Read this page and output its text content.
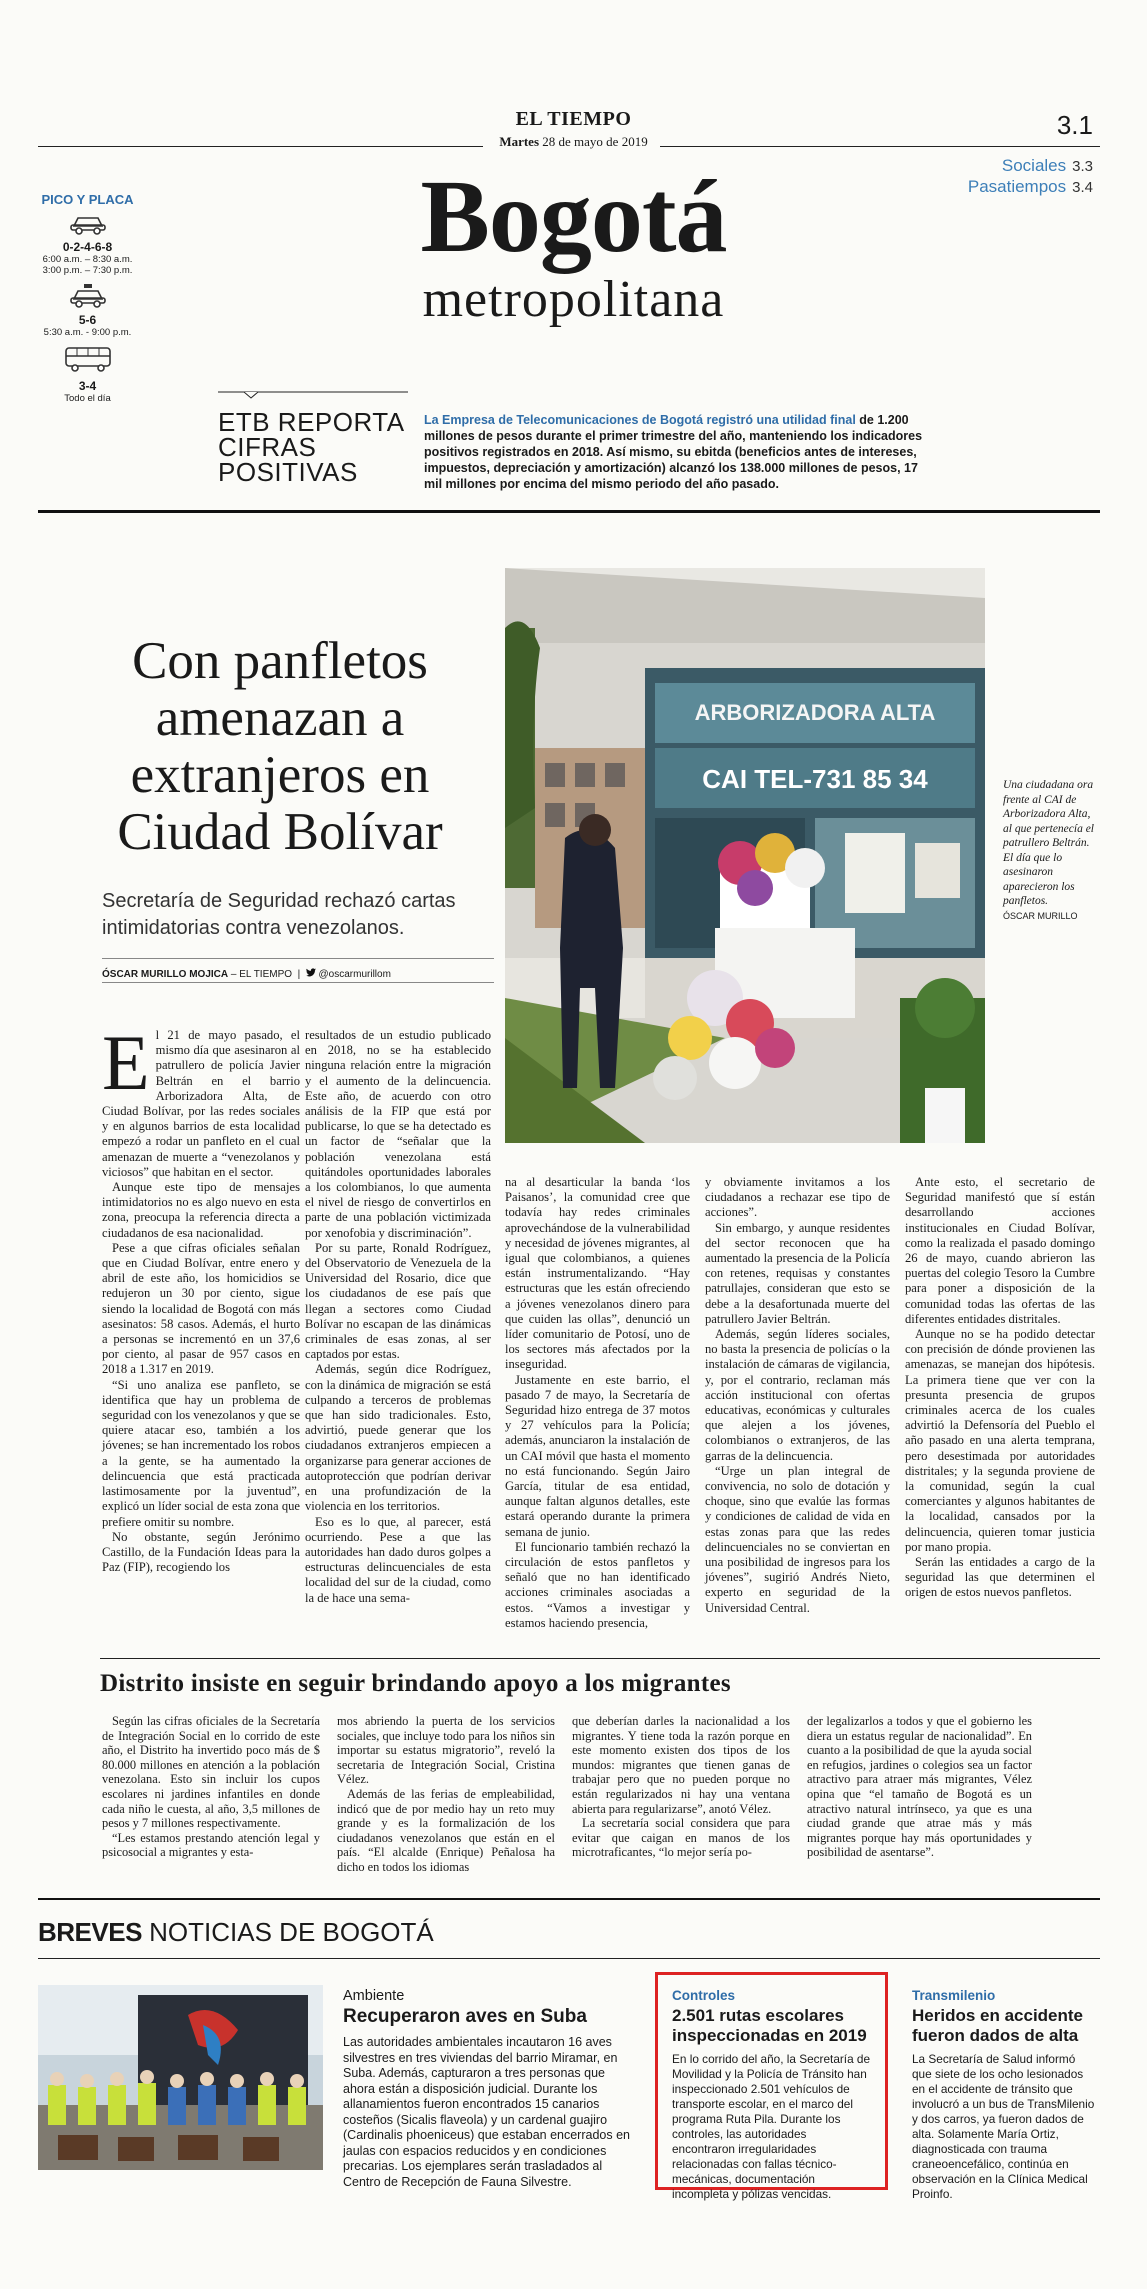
EL TIEMPO
Martes 28 de mayo de 2019
3.1
Sociales 3.3
Pasatiempos 3.4
Bogotá
metropolitana
PICO Y PLACA
0-2-4-6-8
6:00 a.m. – 8:30 a.m.
3:00 p.m. – 7:30 p.m.
5-6
5:30 a.m. - 9:00 p.m.
3-4
Todo el día
ETB REPORTA
CIFRAS
POSITIVAS
La Empresa de Telecomunicaciones de Bogotá registró una utilidad final de 1.200 millones de pesos durante el primer trimestre del año, manteniendo los indicadores positivos registrados en 2018. Así mismo, su ebitda (beneficios antes de intereses, impuestos, depreciación y amortización) alcanzó los 138.000 millones de pesos, 17 mil millones por encima del mismo periodo del año pasado.
Con panfletos amenazan a extranjeros en Ciudad Bolívar
Secretaría de Seguridad rechazó cartas intimidatorias contra venezolanos.
ÓSCAR MURILLO MOJICA – EL TIEMPO  |   @oscarmurillom
ARBORIZADORA ALTA
CAI TEL-731 85 34	Una ciudadana ora frente al CAI de Arborizadora Alta, al que pertenecía el patrullero Beltrán. El día que lo asesinaron aparecieron los panfletos.
ÓSCAR MURILLO

El 21 de mayo pasado, el mismo día que asesinaron al patrullero de policía Javier Beltrán en el barrio Arborizadora Alta, de Ciudad Bolívar, por las redes sociales y en algunos barrios de esta localidad empezó a rodar un panfleto en el cual amenazan de muerte a “venezolanos y viciosos” que habitan en el sector.

Aunque este tipo de mensajes intimidatorios no es algo nuevo en esta zona, preocupa la referencia directa a ciudadanos de esa nacionalidad.

Pese a que cifras oficiales señalan que en Ciudad Bolívar, entre enero y abril de este año, los homicidios se redujeron un 30 por ciento, sigue siendo la localidad de Bogotá con más asesinatos: 58 casos. Además, el hurto a personas se incrementó en un 37,6 por ciento, al pasar de 957 casos en 2018 a 1.317 en 2019.

“Si uno analiza ese panfleto, se identifica que hay un problema de seguridad con los venezolanos y que se quiere atacar eso, también a los jóvenes; se han incrementado los robos a la gente, se ha aumentado la delincuencia que está practicada lastimosamente por la juventud”, explicó un líder social de esta zona que prefiere omitir su nombre.

No obstante, según Jerónimo Castillo, de la Fundación Ideas para la Paz (FIP), recogiendo los

resultados de un estudio publicado en 2018, no se ha establecido ninguna relación entre la migración y el aumento de la delincuencia. Este año, de acuerdo con otro análisis de la FIP que está por publicarse, lo que se ha detectado es un factor de “señalar que la población venezolana está quitándoles oportunidades laborales a los colombianos, lo que aumenta el nivel de riesgo de convertirlos en parte de una población victimizada por xenofobia y discriminación”.

Por su parte, Ronald Rodríguez, del Observatorio de Venezuela de la Universidad del Rosario, dice que los ciudadanos de ese país que llegan a sectores como Ciudad Bolívar no escapan de las dinámicas criminales de esas zonas, al ser captados por estas.

Además, según dice Rodríguez, con la dinámica de migración se está culpando a terceros de problemas que han sido tradicionales. Esto, advirtió, puede generar que los ciudadanos extranjeros empiecen a organizarse para generar acciones de autoprotección que podrían derivar en una profundización de la violencia en los territorios.

Eso es lo que, al parecer, está ocurriendo. Pese a que las autoridades han dado duros golpes a estructuras delincuenciales de esta localidad del sur de la ciudad, como la de hace una sema-

na al desarticular la banda ‘los Paisanos’, la comunidad cree que todavía hay redes criminales aprovechándose de la vulnerabilidad y necesidad de jóvenes migrantes, al igual que colombianos, a quienes están instrumentalizando. “Hay estructuras que les están ofreciendo a jóvenes venezolanos dinero para que cuiden las ollas”, denunció un líder comunitario de Potosí, uno de los sectores más afectados por la inseguridad.

Justamente en este barrio, el pasado 7 de mayo, la Secretaría de Seguridad hizo entrega de 37 motos y 27 vehículos para la Policía; además, anunciaron la instalación de un CAI móvil que hasta el momento no está funcionando. Según Jairo García, titular de esa entidad, aunque faltan algunos detalles, este estará operando durante la primera semana de junio.

El funcionario también rechazó la circulación de estos panfletos y señaló que no han identificado acciones criminales asociadas a estos. “Vamos a investigar y estamos haciendo presencia,

y obviamente invitamos a los ciudadanos a rechazar ese tipo de acciones”.

Sin embargo, y aunque residentes del sector reconocen que ha aumentado la presencia de la Policía con retenes, requisas y constantes patrullajes, consideran que esto se debe a la desafortunada muerte del patrullero Javier Beltrán.

Además, según líderes sociales, no basta la presencia de policías o la instalación de cámaras de vigilancia, y, por el contrario, reclaman más acción institucional con ofertas educativas, económicas y culturales que alejen a los jóvenes, colombianos o extranjeros, de las garras de la delincuencia.

“Urge un plan integral de convivencia, no solo de dotación y choque, sino que evalúe las formas y condiciones de calidad de vida en estas zonas para que las redes delincuenciales no se conviertan en una posibilidad de ingresos para los jóvenes”, sugirió Andrés Nieto, experto en seguridad de la Universidad Central.

Ante esto, el secretario de Seguridad manifestó que sí están desarrollando acciones institucionales en Ciudad Bolívar, como la realizada el pasado domingo 26 de mayo, cuando abrieron las puertas del colegio Tesoro la Cumbre para poner a disposición de la comunidad todas las ofertas de las diferentes entidades distritales.

Aunque no se ha podido detectar con precisión de dónde provienen las amenazas, se manejan dos hipótesis. La primera tiene que ver con la presunta presencia de grupos criminales acerca de los cuales advirtió la Defensoría del Pueblo el año pasado en una alerta temprana, pero desestimada por autoridades distritales; y la segunda proviene de la comunidad, según la cual comerciantes y algunos habitantes de la localidad, cansados por la delincuencia, quieren tomar justicia por mano propia.

Serán las entidades a cargo de la seguridad las que determinen el origen de estos nuevos panfletos.

Distrito insiste en seguir brindando apoyo a los migrantes

Según las cifras oficiales de la Secretaría de Integración Social en lo corrido de este año, el Distrito ha invertido poco más de $ 80.000 millones en atención a la población venezolana. Esto sin incluir los cupos escolares ni jardines infantiles en donde cada niño le cuesta, al año, 3,5 millones de pesos y 7 millones respectivamente.

“Les estamos prestando atención legal y psicosocial a migrantes y esta-

mos abriendo la puerta de los servicios sociales, que incluye todo para los niños sin importar su estatus migratorio”, reveló la secretaria de Integración Social, Cristina Vélez.

Además de las ferias de empleabilidad, indicó que de por medio hay un reto muy grande y es la formalización de los ciudadanos venezolanos que están en el país. “El alcalde (Enrique) Peñalosa ha dicho en todos los idiomas

que deberían darles la nacionalidad a los migrantes. Y tiene toda la razón porque en este momento existen dos tipos de los mundos: migrantes que tienen ganas de trabajar pero que no pueden porque no están regularizados ni hay una ventana abierta para regularizarse”, anotó Vélez.

La secretaría social considera que para evitar que caigan en manos de los microtraficantes, “lo mejor sería po-

der legalizarlos a todos y que el gobierno les diera un estatus regular de nacionalidad”. En cuanto a la posibilidad de que la ayuda social en refugios, jardines o colegios sea un factor atractivo para atraer más migrantes, Vélez opina que “el tamaño de Bogotá es un atractivo natural intrínseco, ya que es una ciudad grande que atrae más y más migrantes porque hay más oportunidades y posibilidad de asentarse”.

BREVES NOTICIAS DE BOGOTÁ
Ambiente
Recuperaron aves en Suba
Las autoridades ambientales incautaron 16 aves silvestres en tres viviendas del barrio Miramar, en Suba. Además, capturaron a tres personas que ahora están a disposición judicial. Durante los allanamientos fueron encontrados 15 canarios costeños (Sicalis flaveola) y un cardenal guajiro (Cardinalis phoeniceus) que estaban encerrados en jaulas con espacios reducidos y en condiciones precarias. Los ejemplares serán trasladados al Centro de Recepción de Fauna Silvestre.
Controles
2.501 rutas escolares inspeccionadas en 2019
En lo corrido del año, la Secretaría de Movilidad y la Policía de Tránsito han inspeccionado 2.501 vehículos de transporte escolar, en el marco del programa Ruta Pila. Durante los controles, las autoridades encontraron irregularidades relacionadas con fallas técnico-mecánicas, documentación incompleta y pólizas vencidas.
Transmilenio
Heridos en accidente fueron dados de alta
La Secretaría de Salud informó que siete de los ocho lesionados en el accidente de tránsito que involucró a un bus de TransMilenio y dos carros, ya fueron dados de alta. Solamente María Ortiz, diagnosticada con trauma craneoencefálico, continúa en observación en la Clínica Medical Proinfo.
